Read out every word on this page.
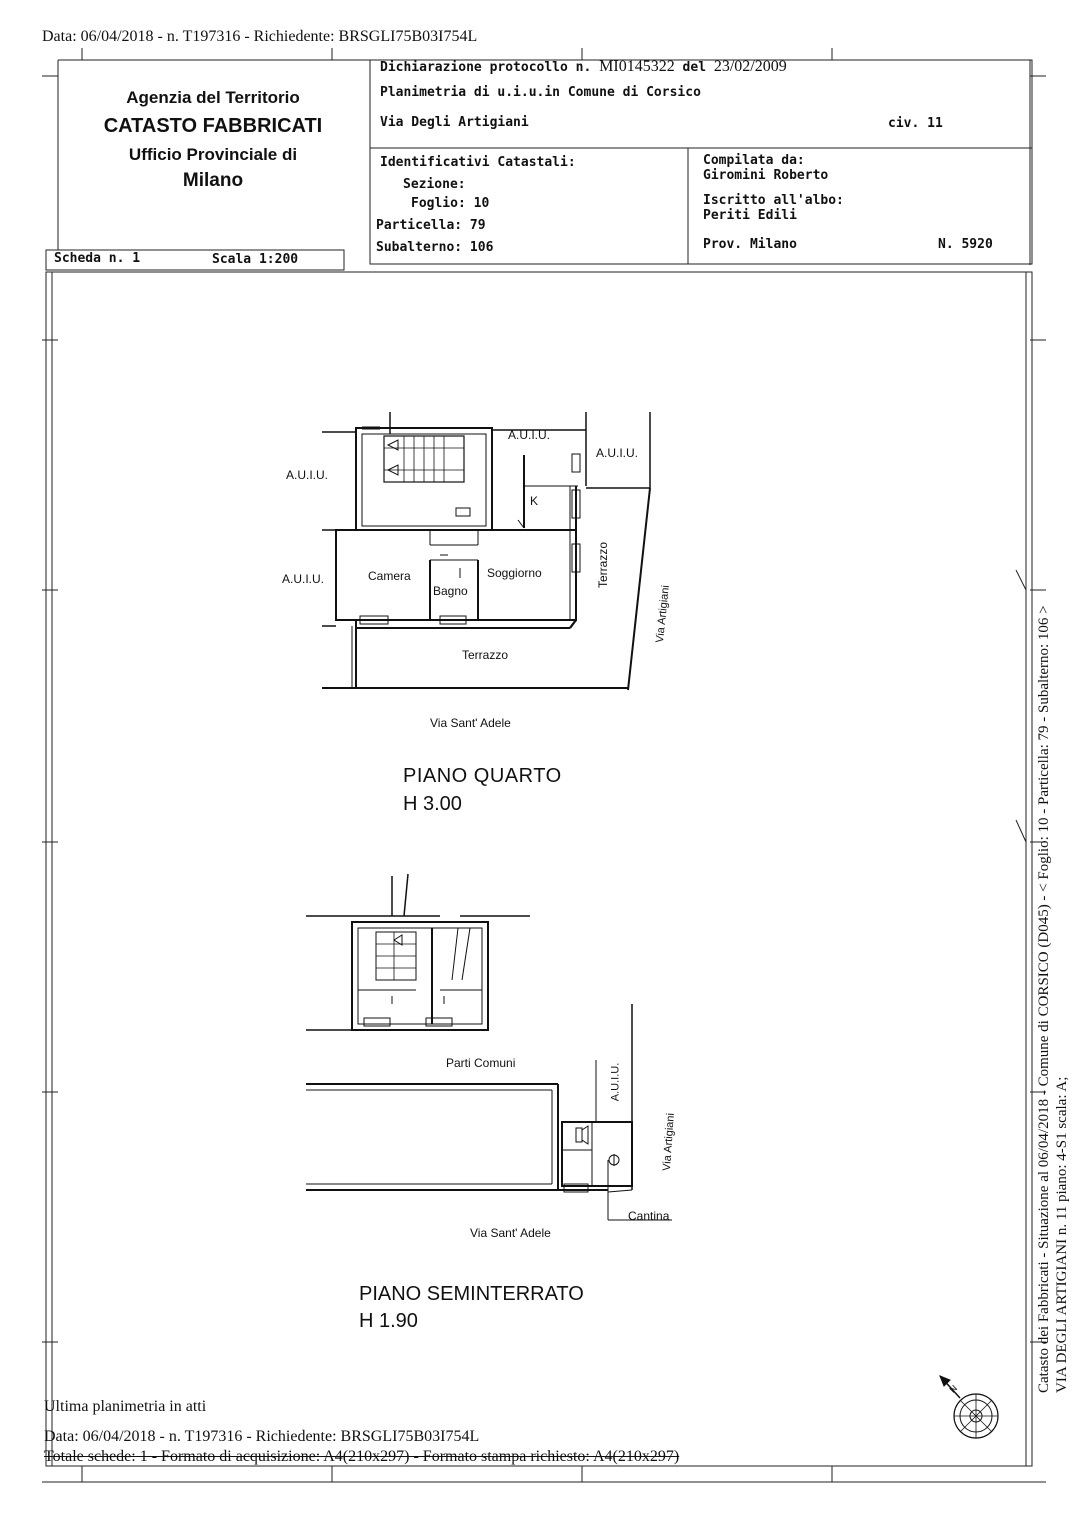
Data: 06/04/2018 - n. T197316 - Richiedente: BRSGLI75B03I754L
Agenzia del Territorio
CATASTO FABBRICATI
Ufficio Provinciale di
Milano
Scheda n. 1	Scala 1:200
Dichiarazione protocollo n. MI0145322 del 23/02/2009
Planimetria di u.i.u.in Comune di Corsico
Via Degli Artigiani	civ. 11
Identificativi Catastali:
Sezione:
Foglio: 10
Particella: 79
Subalterno: 106
Compilata da:
Giromini Roberto
Iscritto all'albo:
Periti Edili
Prov. Milano	N. 5920
A.U.I.U.
A.U.I.U.
A.U.I.U.
A.U.I.U.
K
Camera
Bagno
Soggiorno	Terrazzo
Terrazzo
Via Artigiani
Via Sant' Adele
PIANO QUARTO
H 3.00
Parti Comuni	A.U.I.U.
Via Artigiani
Cantina
Via Sant' Adele
PIANO SEMINTERRATO
H 1.90
N
Ultima planimetria in atti
Data: 06/04/2018 - n. T197316 - Richiedente: BRSGLI75B03I754L
Totale schede: 1 - Formato di acquisizione: A4(210x297) - Formato stampa richiesto: A4(210x297)
Catasto dei Fabbricati - Situazione al 06/04/2018 - Comune di CORSICO (D045) - < Foglio: 10 - Particella: 79 - Subalterno: 106 > VIA DEGLI ARTIGIANI n. 11 piano: 4-S1 scala: A;
